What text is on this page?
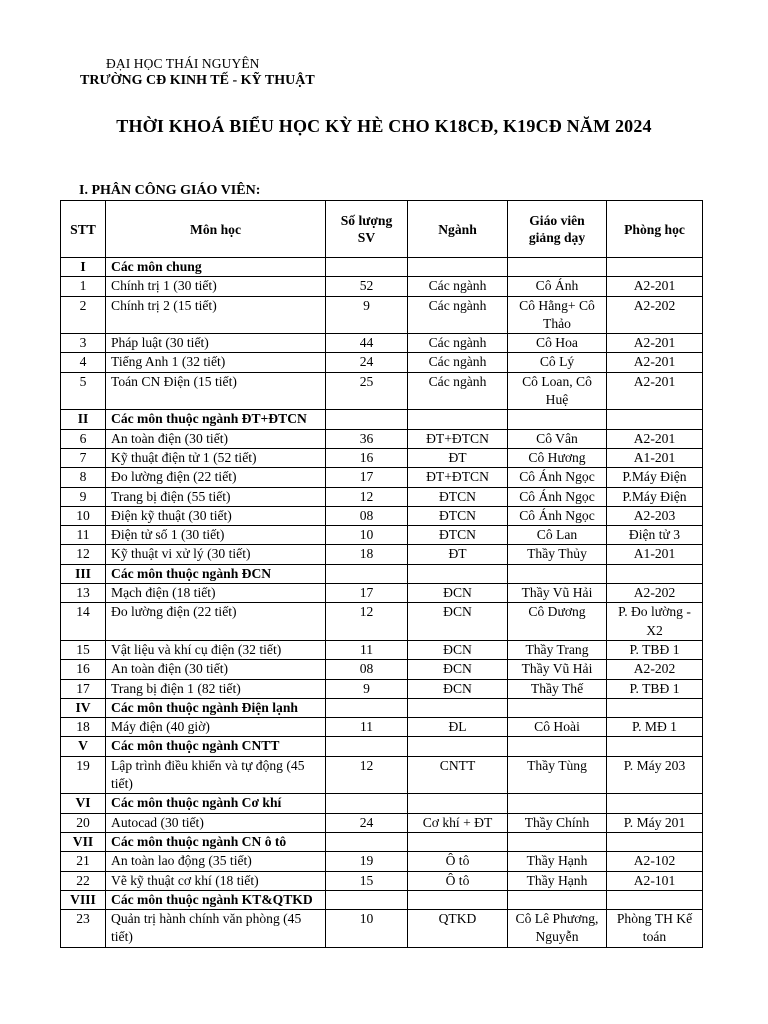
ĐẠI HỌC THÁI NGUYÊN
TRƯỜNG CĐ KINH TẾ - KỸ THUẬT
THỜI KHOÁ BIỂU HỌC KỲ HÈ CHO K18CĐ, K19CĐ NĂM 2024
I. PHÂN CÔNG GIÁO VIÊN:
STT	Môn học	Số lượng SV	Ngành	Giáo viên giảng dạy	Phòng học
I	Các môn chung				
1	Chính trị 1 (30 tiết)	52	Các ngành	Cô Ánh	A2-201
2	Chính trị 2 (15 tiết)	9	Các ngành	Cô Hằng+ Cô Thảo	A2-202
3	Pháp luật (30 tiết)	44	Các ngành	Cô Hoa	A2-201
4	Tiếng Anh 1 (32 tiết)	24	Các ngành	Cô Lý	A2-201
5	Toán CN Điện (15 tiết)	25	Các ngành	Cô Loan, Cô Huệ	A2-201
II	Các môn thuộc ngành ĐT+ĐTCN				
6	An toàn điện (30 tiết)	36	ĐT+ĐTCN	Cô Vân	A2-201
7	Kỹ thuật điện tử 1 (52 tiết)	16	ĐT	Cô Hương	A1-201
8	Đo lường điện (22 tiết)	17	ĐT+ĐTCN	Cô Ánh Ngọc	P.Máy Điện
9	Trang bị điện (55 tiết)	12	ĐTCN	Cô Ánh Ngọc	P.Máy Điện
10	Điện kỹ thuật (30 tiết)	08	ĐTCN	Cô Ánh Ngọc	A2-203
11	Điện tử số 1 (30 tiết)	10	ĐTCN	Cô Lan	Điện tử 3
12	Kỹ thuật vi xử lý (30 tiết)	18	ĐT	Thầy Thủy	A1-201
III	Các môn thuộc ngành ĐCN				
13	Mạch điện (18 tiết)	17	ĐCN	Thầy Vũ Hải	A2-202
14	Đo lường điện (22 tiết)	12	ĐCN	Cô Dương	P. Đo lường - X2
15	Vật liệu và khí cụ điện (32 tiết)	11	ĐCN	Thầy Trang	P. TBĐ 1
16	An toàn điện (30 tiết)	08	ĐCN	Thầy Vũ Hải	A2-202
17	Trang bị điện 1 (82 tiết)	9	ĐCN	Thầy Thế	P. TBĐ 1
IV	Các môn thuộc ngành Điện lạnh				
18	Máy điện (40 giờ)	11	ĐL	Cô Hoài	P. MĐ 1
V	Các môn thuộc ngành CNTT				
19	Lập trình điều khiển và tự động (45 tiết)	12	CNTT	Thầy Tùng	P. Máy 203
VI	Các môn thuộc ngành Cơ khí				
20	Autocad (30 tiết)	24	Cơ khí + ĐT	Thầy Chính	P. Máy 201
VII	Các môn thuộc ngành CN ô tô				
21	An toàn lao động (35 tiết)	19	Ô tô	Thầy Hạnh	A2-102
22	Vẽ kỹ thuật cơ khí (18 tiết)	15	Ô tô	Thầy Hạnh	A2-101
VIII	Các môn thuộc ngành KT&QTKD				
23	Quản trị hành chính văn phòng (45 tiết)	10	QTKD	Cô Lê Phương, Nguyễn	Phòng TH Kế toán
